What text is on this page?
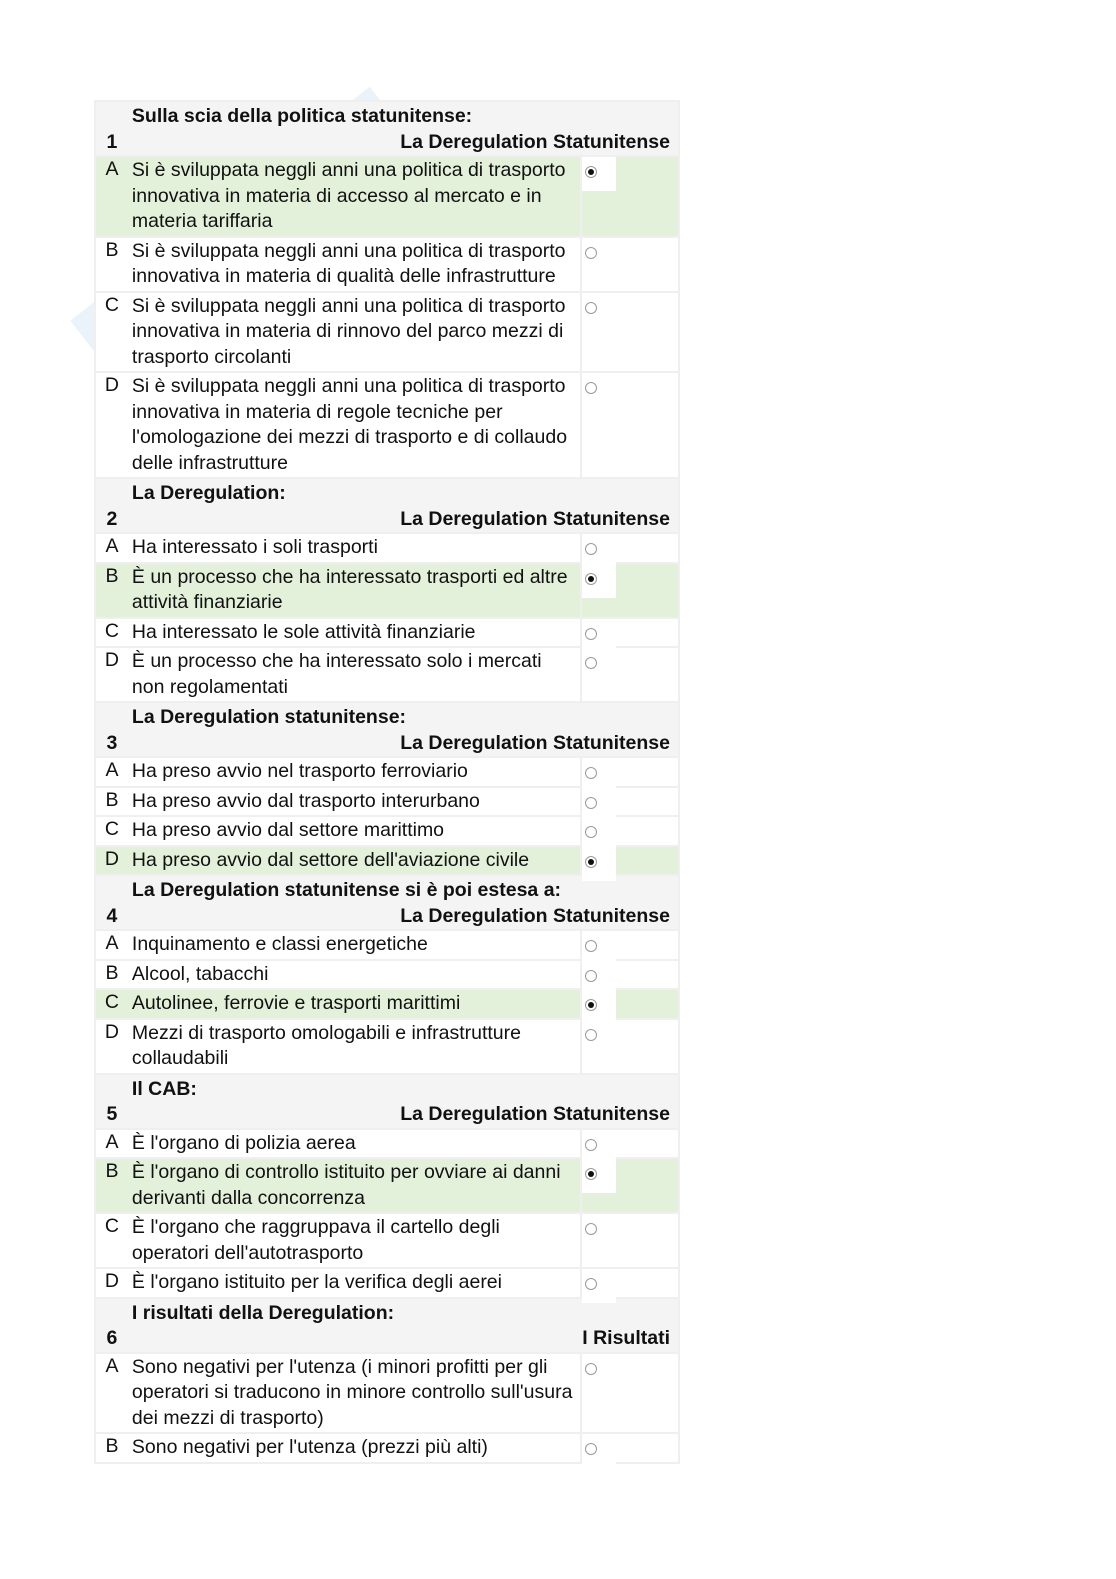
1	Sulla scia della politica statunitense:
La Deregulation Statunitense	

A	Si è sviluppata neggli anni una politica di trasporto innovativa in materia di accesso al mercato e in materia tariffaria	

B	Si è sviluppata neggli anni una politica di trasporto innovativa in materia di qualità delle infrastrutture	

C	Si è sviluppata neggli anni una politica di trasporto innovativa in materia di rinnovo del parco mezzi di trasporto circolanti	

D	Si è sviluppata neggli anni una politica di trasporto innovativa in materia di regole tecniche per l'omologazione dei mezzi di trasporto e di collaudo delle infrastrutture	

2	La Deregulation:
La Deregulation Statunitense	

A	Ha interessato i soli trasporti	

B	È un processo che ha interessato trasporti ed altre attività finanziarie	

C	Ha interessato le sole attività finanziarie	

D	È un processo che ha interessato solo i mercati non regolamentati	

3	La Deregulation statunitense:
La Deregulation Statunitense	

A	Ha preso avvio nel trasporto ferroviario	

B	Ha preso avvio dal trasporto interurbano	

C	Ha preso avvio dal settore marittimo	

D	Ha preso avvio dal settore dell'aviazione civile	

4	La Deregulation statunitense si è poi estesa a:
La Deregulation Statunitense	

A	Inquinamento e classi energetiche	

B	Alcool, tabacchi	

C	Autolinee, ferrovie e trasporti marittimi	

D	Mezzi di trasporto omologabili e infrastrutture collaudabili	

5	Il CAB:
La Deregulation Statunitense	

A	È l'organo di polizia aerea	

B	È l'organo di controllo istituito per ovviare ai danni derivanti dalla concorrenza	

C	È l'organo che raggruppava il cartello degli operatori dell'autotrasporto	

D	È l'organo istituito per la verifica degli aerei	

6	I risultati della Deregulation:
I Risultati	

A	Sono negativi per l'utenza (i minori profitti per gli operatori si traducono in minore controllo sull'usura dei mezzi di trasporto)	

B	Sono negativi per l'utenza (prezzi più alti)	
